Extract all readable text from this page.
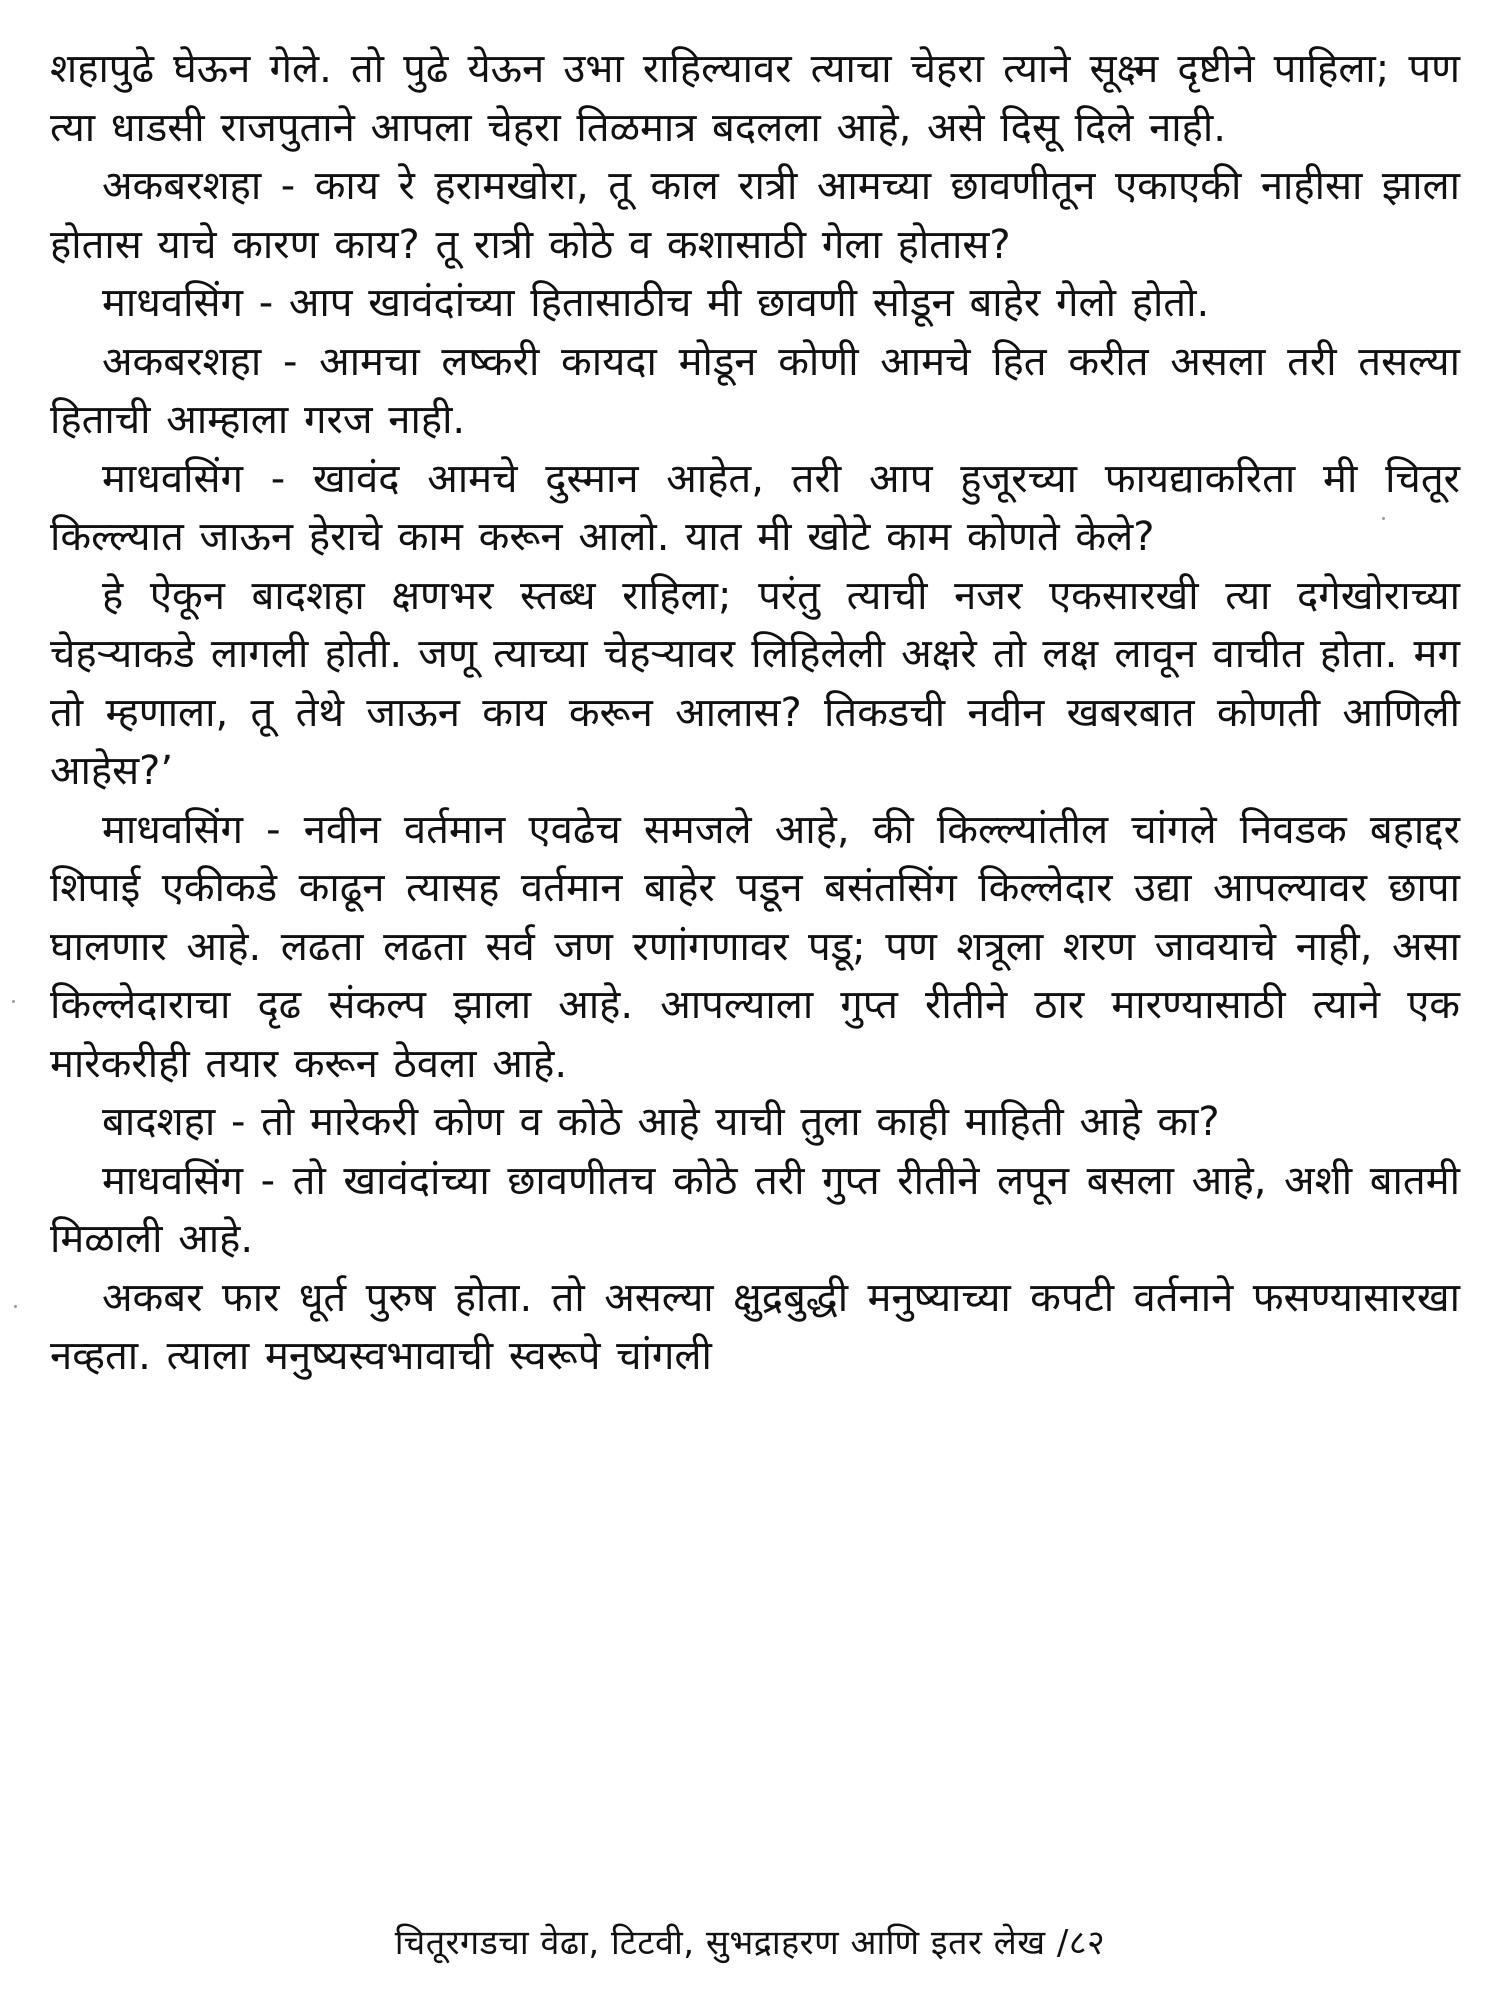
शहापुढे घेऊन गेले. तो पुढे येऊन उभा राहिल्यावर त्याचा चेहरा त्याने सूक्ष्म दृष्टीने पाहिला; पण त्या धाडसी राजपुताने आपला चेहरा तिळमात्र बदलला आहे, असे दिसू दिले नाही.

अकबरशहा - काय रे हरामखोरा, तू काल रात्री आमच्या छावणीतून एकाएकी नाहीसा झाला होतास याचे कारण काय? तू रात्री कोठे व कशासाठी गेला होतास?

माधवसिंग - आप खावंदांच्या हितासाठीच मी छावणी सोडून बाहेर गेलो होतो.

अकबरशहा - आमचा लष्करी कायदा मोडून कोणी आमचे हित करीत असला तरी तसल्या हिताची आम्हाला गरज नाही.

माधवसिंग - खावंद आमचे दुस्मान आहेत, तरी आप हुजूरच्या फायद्याकरिता मी चितूर किल्ल्यात जाऊन हेराचे काम करून आलो. यात मी खोटे काम कोणते केले?

हे ऐकून बादशहा क्षणभर स्तब्ध राहिला; परंतु त्याची नजर एकसारखी त्या दगेखोराच्या चेहऱ्याकडे लागली होती. जणू त्याच्या चेहऱ्यावर लिहिलेली अक्षरे तो लक्ष लावून वाचीत होता. मग तो म्हणाला, तू तेथे जाऊन काय करून आलास? तिकडची नवीन खबरबात कोणती आणिली आहेस?’

माधवसिंग - नवीन वर्तमान एवढेच समजले आहे, की किल्ल्यांतील चांगले निवडक बहाद्दर शिपाई एकीकडे काढून त्यासह वर्तमान बाहेर पडून बसंतसिंग किल्लेदार उद्या आपल्यावर छापा घालणार आहे. लढता लढता सर्व जण रणांगणावर पडू; पण शत्रूला शरण जावयाचे नाही, असा किल्लेदाराचा दृढ संकल्प झाला आहे. आपल्याला गुप्त रीतीने ठार मारण्यासाठी त्याने एक मारेकरीही तयार करून ठेवला आहे.

बादशहा - तो मारेकरी कोण व कोठे आहे याची तुला काही माहिती आहे का?

माधवसिंग - तो खावंदांच्या छावणीतच कोठे तरी गुप्त रीतीने लपून बसला आहे, अशी बातमी मिळाली आहे.

अकबर फार धूर्त पुरुष होता. तो असल्या क्षुद्रबुद्धी मनुष्याच्या कपटी वर्तनाने फसण्यासारखा नव्हता. त्याला मनुष्यस्वभावाची स्वरूपे चांगली

चितूरगडचा वेढा, टिटवी, सुभद्राहरण आणि इतर लेख /८२
